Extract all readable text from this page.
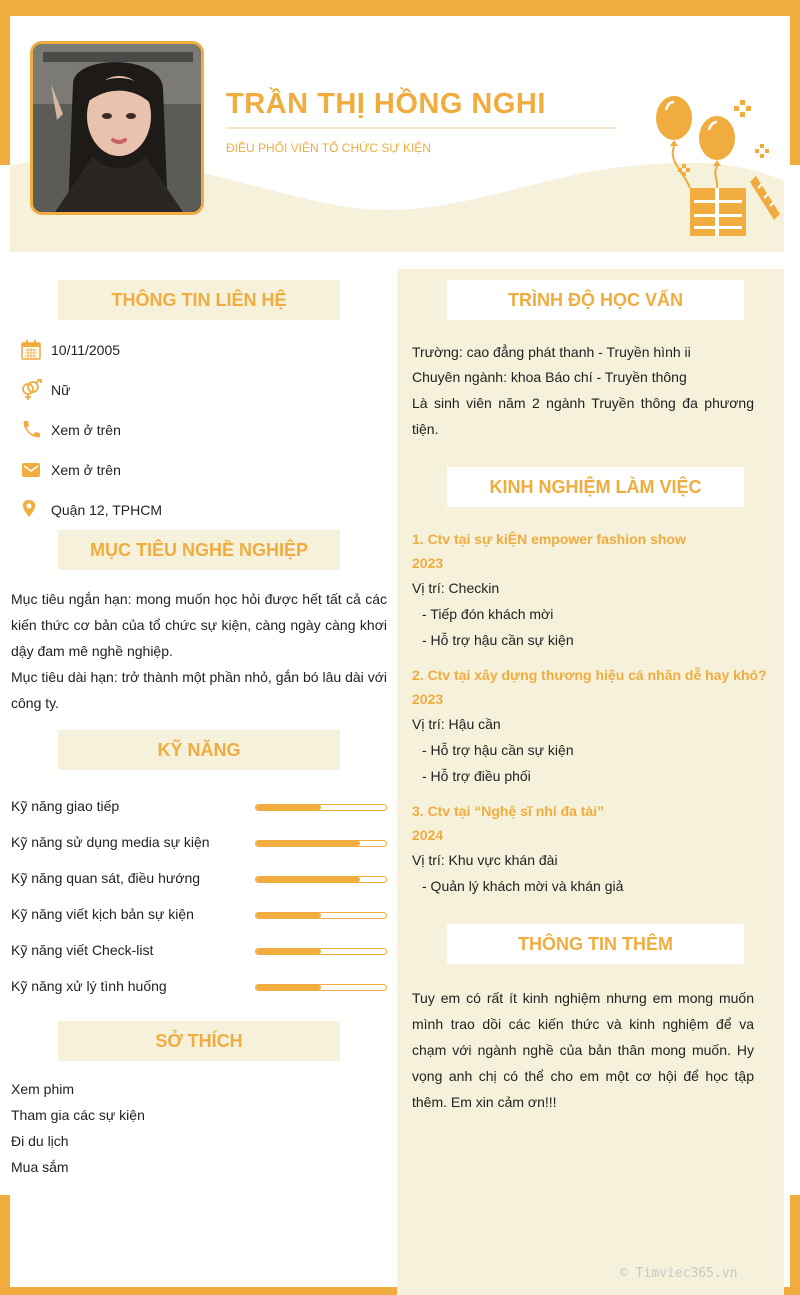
TRẦN THỊ HỒNG NGHI
ĐIỀU PHỐI VIÊN TỔ CHỨC SỰ KIỆN
THÔNG TIN LIÊN HỆ
10/11/2005
Nữ
Xem ở trên
Xem ở trên
Quận 12, TPHCM
MỤC TIÊU NGHỀ NGHIỆP
Mục tiêu ngắn hạn: mong muốn học hỏi được hết tất cả các kiến thức cơ bản của tổ chức sự kiện, càng ngày càng khơi dậy đam mê nghề nghiệp.
Mục tiêu dài hạn: trở thành một phần nhỏ, gắn bó lâu dài với công ty.
KỸ NĂNG
Kỹ năng giao tiếp
Kỹ năng sử dụng media sự kiện
Kỹ năng quan sát, điều hướng
Kỹ năng viết kịch bản sự kiện
Kỹ năng viết Check-list
Kỹ năng xử lý tình huống
SỞ THÍCH
Xem phim
Tham gia các sự kiện
Đi du lịch
Mua sắm
TRÌNH ĐỘ HỌC VẤN
Trường: cao đẳng phát thanh - Truyền hình ii
Chuyên ngành: khoa Báo chí - Truyền thông
Là sinh viên năm 2 ngành Truyền thông đa phương tiện.
KINH NGHIỆM LÀM VIỆC
1. Ctv tại sự kiỆN empower fashion show
2023
Vị trí: Checkin
- Tiếp đón khách mời
- Hỗ trợ hậu cần sự kiện
2. Ctv tại xây dựng thương hiệu cá nhân dễ hay khó?
2023
Vị trí: Hậu cần
- Hỗ trợ hậu cần sự kiện
- Hỗ trợ điều phối
3. Ctv tại “Nghệ sĩ nhí đa tài”
2024
Vị trí: Khu vực khán đài
- Quản lý khách mời và khán giả
THÔNG TIN THÊM
Tuy em có rất ít kinh nghiệm nhưng em mong muốn mình trao dồi các kiến thức và kinh nghiệm để va chạm với ngành nghề của bản thân mong muốn. Hy vọng anh chị có thể cho em một cơ hội để học tập thêm. Em xin cảm ơn!!!
© Timviec365.vn
